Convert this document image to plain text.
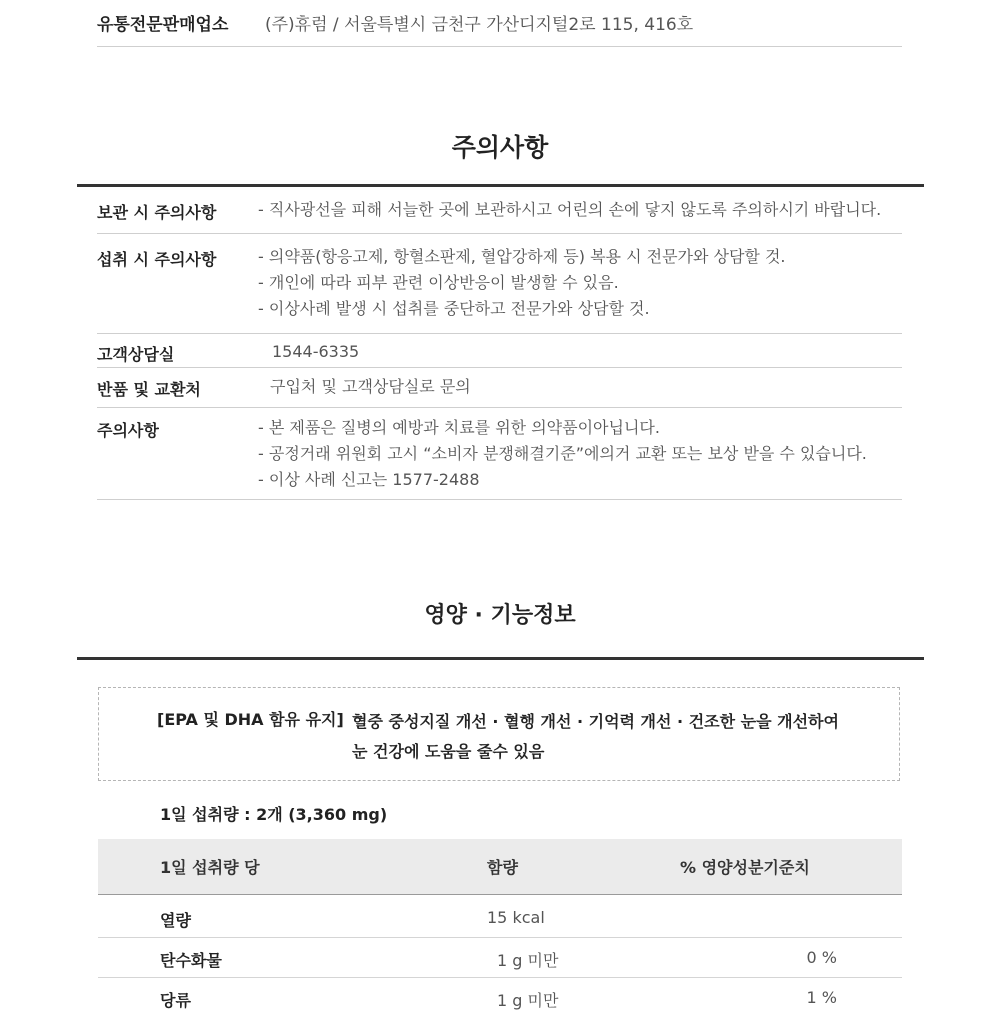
유통전문판매업소 (주)휴럼 / 서울특별시 금천구 가산디지털2로 115, 416호
주의사항
보관 시 주의사항	- 직사광선을 피해 서늘한 곳에 보관하시고 어린의 손에 닿지 않도록 주의하시기 바랍니다.
섭취 시 주의사항	- 의약품(항응고제, 항혈소판제, 혈압강하제 등) 복용 시 전문가와 상담할 것.
- 개인에 따라 피부 관련 이상반응이 발생할 수 있음.
- 이상사례 발생 시 섭취를 중단하고 전문가와 상담할 것.
고객상담실	1544-6335
반품 및 교환처	구입처 및 고객상담실로 문의
주의사항	- 본 제품은 질병의 예방과 치료를 위한 의약품이아닙니다.
- 공정거래 위원회 고시 “소비자 분쟁해결기준”에의거 교환 또는 보상 받을 수 있습니다.
- 이상 사례 신고는 1577-2488
영양 · 기능정보
[EPA 및 DHA 함유 유지] 혈중 중성지질 개선 · 혈행 개선 · 기억력 개선 · 건조한 눈을 개선하여
눈 건강에 도움을 줄수 있음
1일 섭취량 : 2개 (3,360 mg)
1일 섭취량 당	함량	% 영양성분기준치
열량	15 kcal
탄수화물	1 g 미만	0 %
당류	1 g 미만	1 %
